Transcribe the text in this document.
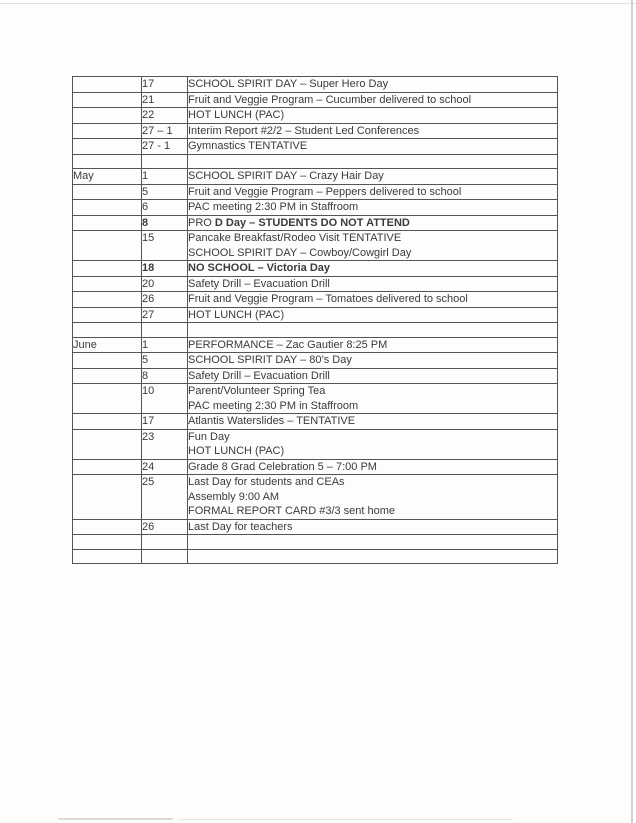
	17	SCHOOL SPIRIT DAY – Super Hero Day

	21	Fruit and Veggie Program – Cucumber delivered to school

	22	HOT LUNCH (PAC)

	27 – 1	Interim Report #2/2 – Student Led Conferences

	27 - 1	Gymnastics TENTATIVE

May	1	SCHOOL SPIRIT DAY – Crazy Hair Day

	5	Fruit and Veggie Program – Peppers delivered to school

	6	PAC meeting 2:30 PM in Staffroom

	8	PRO D Day – STUDENTS DO NOT ATTEND

	15	Pancake Breakfast/Rodeo Visit TENTATIVE
SCHOOL SPIRIT DAY – Cowboy/Cowgirl Day

	18	NO SCHOOL – Victoria Day

	20	Safety Drill – Evacuation Drill

	26	Fruit and Veggie Program – Tomatoes delivered to school

	27	HOT LUNCH (PAC)

June	1	PERFORMANCE – Zac Gautier 8:25 PM

	5	SCHOOL SPIRIT DAY – 80’s Day

	8	Safety Drill – Evacuation Drill

	10	Parent/Volunteer Spring Tea
PAC meeting 2:30 PM in Staffroom

	17	Atlantis Waterslides – TENTATIVE

	23	Fun Day
HOT LUNCH (PAC)

	24	Grade 8 Grad Celebration 5 – 7:00 PM

	25	Last Day for students and CEAs
Assembly 9:00 AM
FORMAL REPORT CARD #3/3 sent home

	26	Last Day for teachers
